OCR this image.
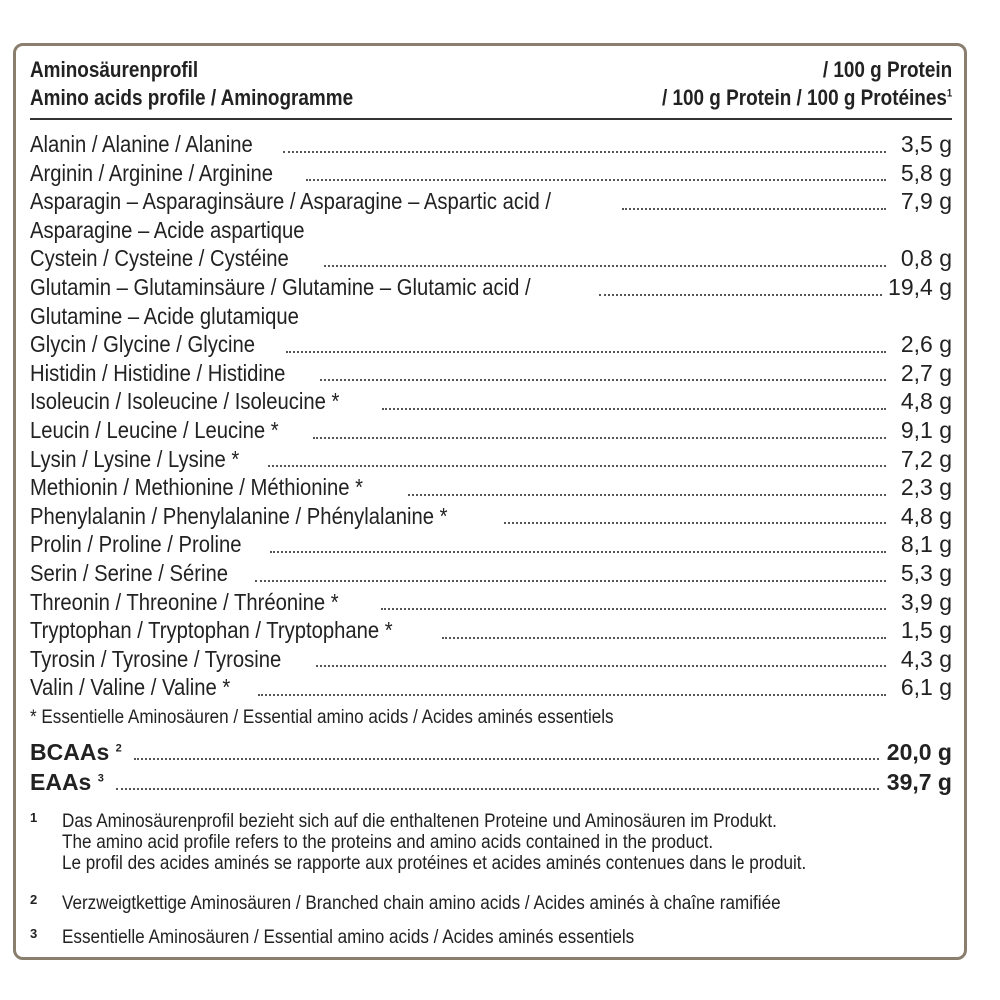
Aminosäurenprofil	/ 100 g Protein
Amino acids profile / Aminogramme	/ 100 g Protein / 100 g Protéines$^1$
Alanin / Alanine / Alanine	3,5 g
Arginin / Arginine / Arginine	5,8 g
Asparagin – Asparaginsäure / Asparagine – Aspartic acid /	7,9 g
Asparagine – Acide aspartique
Cystein / Cysteine / Cystéine	0,8 g
Glutamin – Glutaminsäure / Glutamine – Glutamic acid /	19,4 g
Glutamine – Acide glutamique
Glycin / Glycine / Glycine	2,6 g
Histidin / Histidine / Histidine	2,7 g
Isoleucin / Isoleucine / Isoleucine *	4,8 g
Leucin / Leucine / Leucine *	9,1 g
Lysin / Lysine / Lysine *	7,2 g
Methionin / Methionine / Méthionine *	2,3 g
Phenylalanin / Phenylalanine / Phénylalanine *	4,8 g
Prolin / Proline / Proline	8,1 g
Serin / Serine / Sérine	5,3 g
Threonin / Threonine / Thréonine *	3,9 g
Tryptophan / Tryptophan / Tryptophane *	1,5 g
Tyrosin / Tyrosine / Tyrosine	4,3 g
Valin / Valine / Valine *	6,1 g
* Essentielle Aminosäuren / Essential amino acids / Acides aminés essentiels
BCAAs $^2$	20,0 g
EAAs $^3$	39,7 g
1 Das Aminosäurenprofil bezieht sich auf die enthaltenen Proteine und Aminosäuren im Produkt.
The amino acid profile refers to the proteins and amino acids contained in the product.
Le profil des acides aminés se rapporte aux protéines et acides aminés contenues dans le produit.
2 Verzweigtkettige Aminosäuren / Branched chain amino acids / Acides aminés à chaîne ramifiée
3 Essentielle Aminosäuren / Essential amino acids / Acides aminés essentiels
